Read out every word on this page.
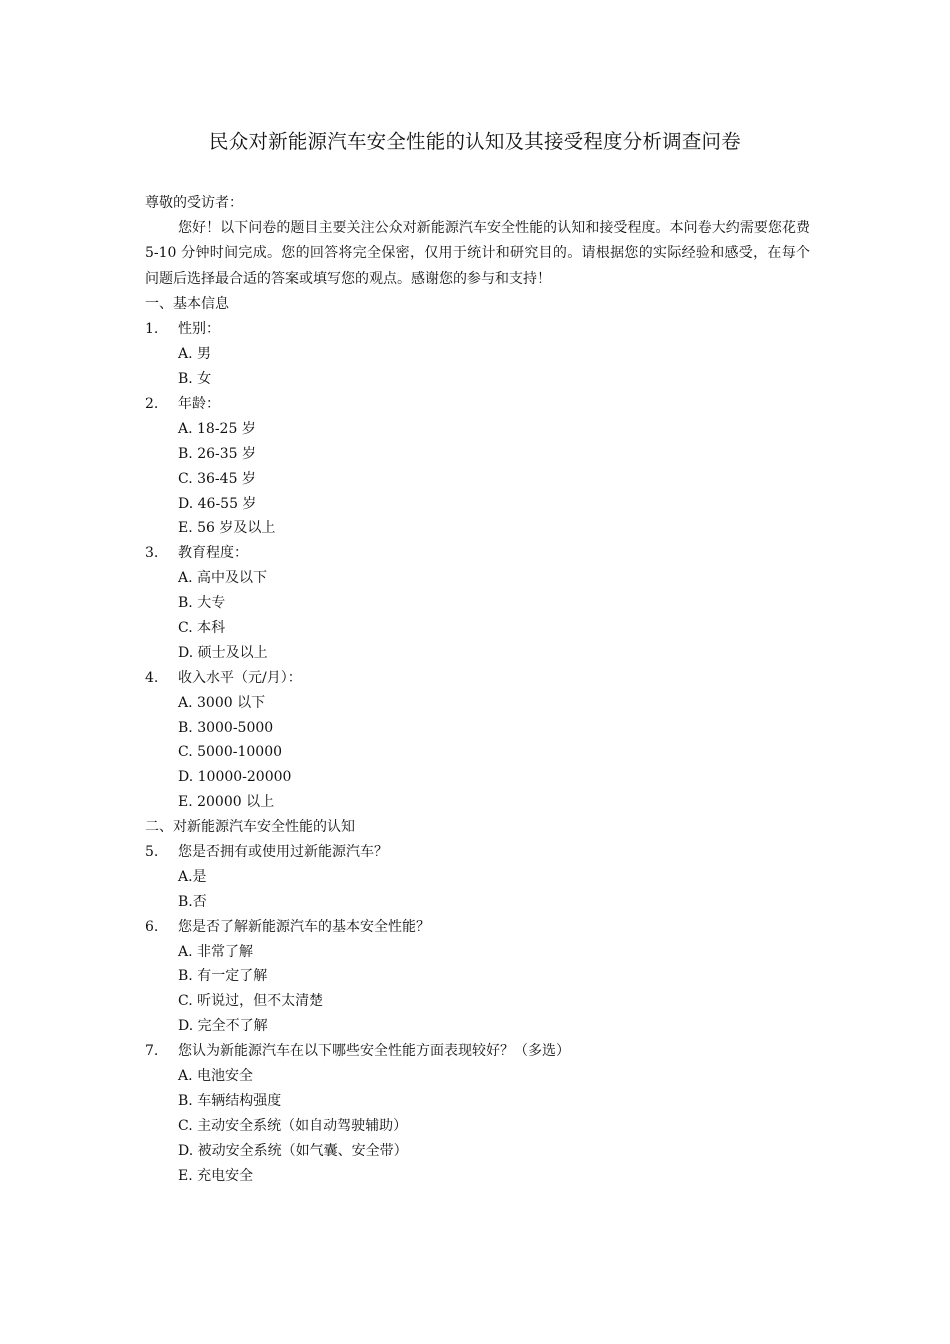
民众对新能源汽车安全性能的认知及其接受程度分析调查问卷
尊敬的受访者：
您好！以下问卷的题目主要关注公众对新能源汽车安全性能的认知和接受程度。本问卷大约需要您花费 5-10 分钟时间完成。您的回答将完全保密，仅用于统计和研究目的。请根据您的实际经验和感受，在每个问题后选择最合适的答案或填写您的观点。感谢您的参与和支持！
一、基本信息
1.	性别：
A. 男
B. 女
2.	年龄：
A. 18-25 岁
B. 26-35 岁
C. 36-45 岁
D. 46-55 岁
E. 56 岁及以上
3.	教育程度：
A. 高中及以下
B. 大专
C. 本科
D. 硕士及以上
4.	收入水平（元/月）：
A. 3000 以下
B. 3000-5000
C. 5000-10000
D. 10000-20000
E. 20000 以上
二、对新能源汽车安全性能的认知
5.	您是否拥有或使用过新能源汽车？
A.是
B.否
6.	您是否了解新能源汽车的基本安全性能？
A. 非常了解
B. 有一定了解
C. 听说过，但不太清楚
D. 完全不了解
7.	您认为新能源汽车在以下哪些安全性能方面表现较好？（多选）
A. 电池安全
B. 车辆结构强度
C. 主动安全系统（如自动驾驶辅助）
D. 被动安全系统（如气囊、安全带）
E. 充电安全
